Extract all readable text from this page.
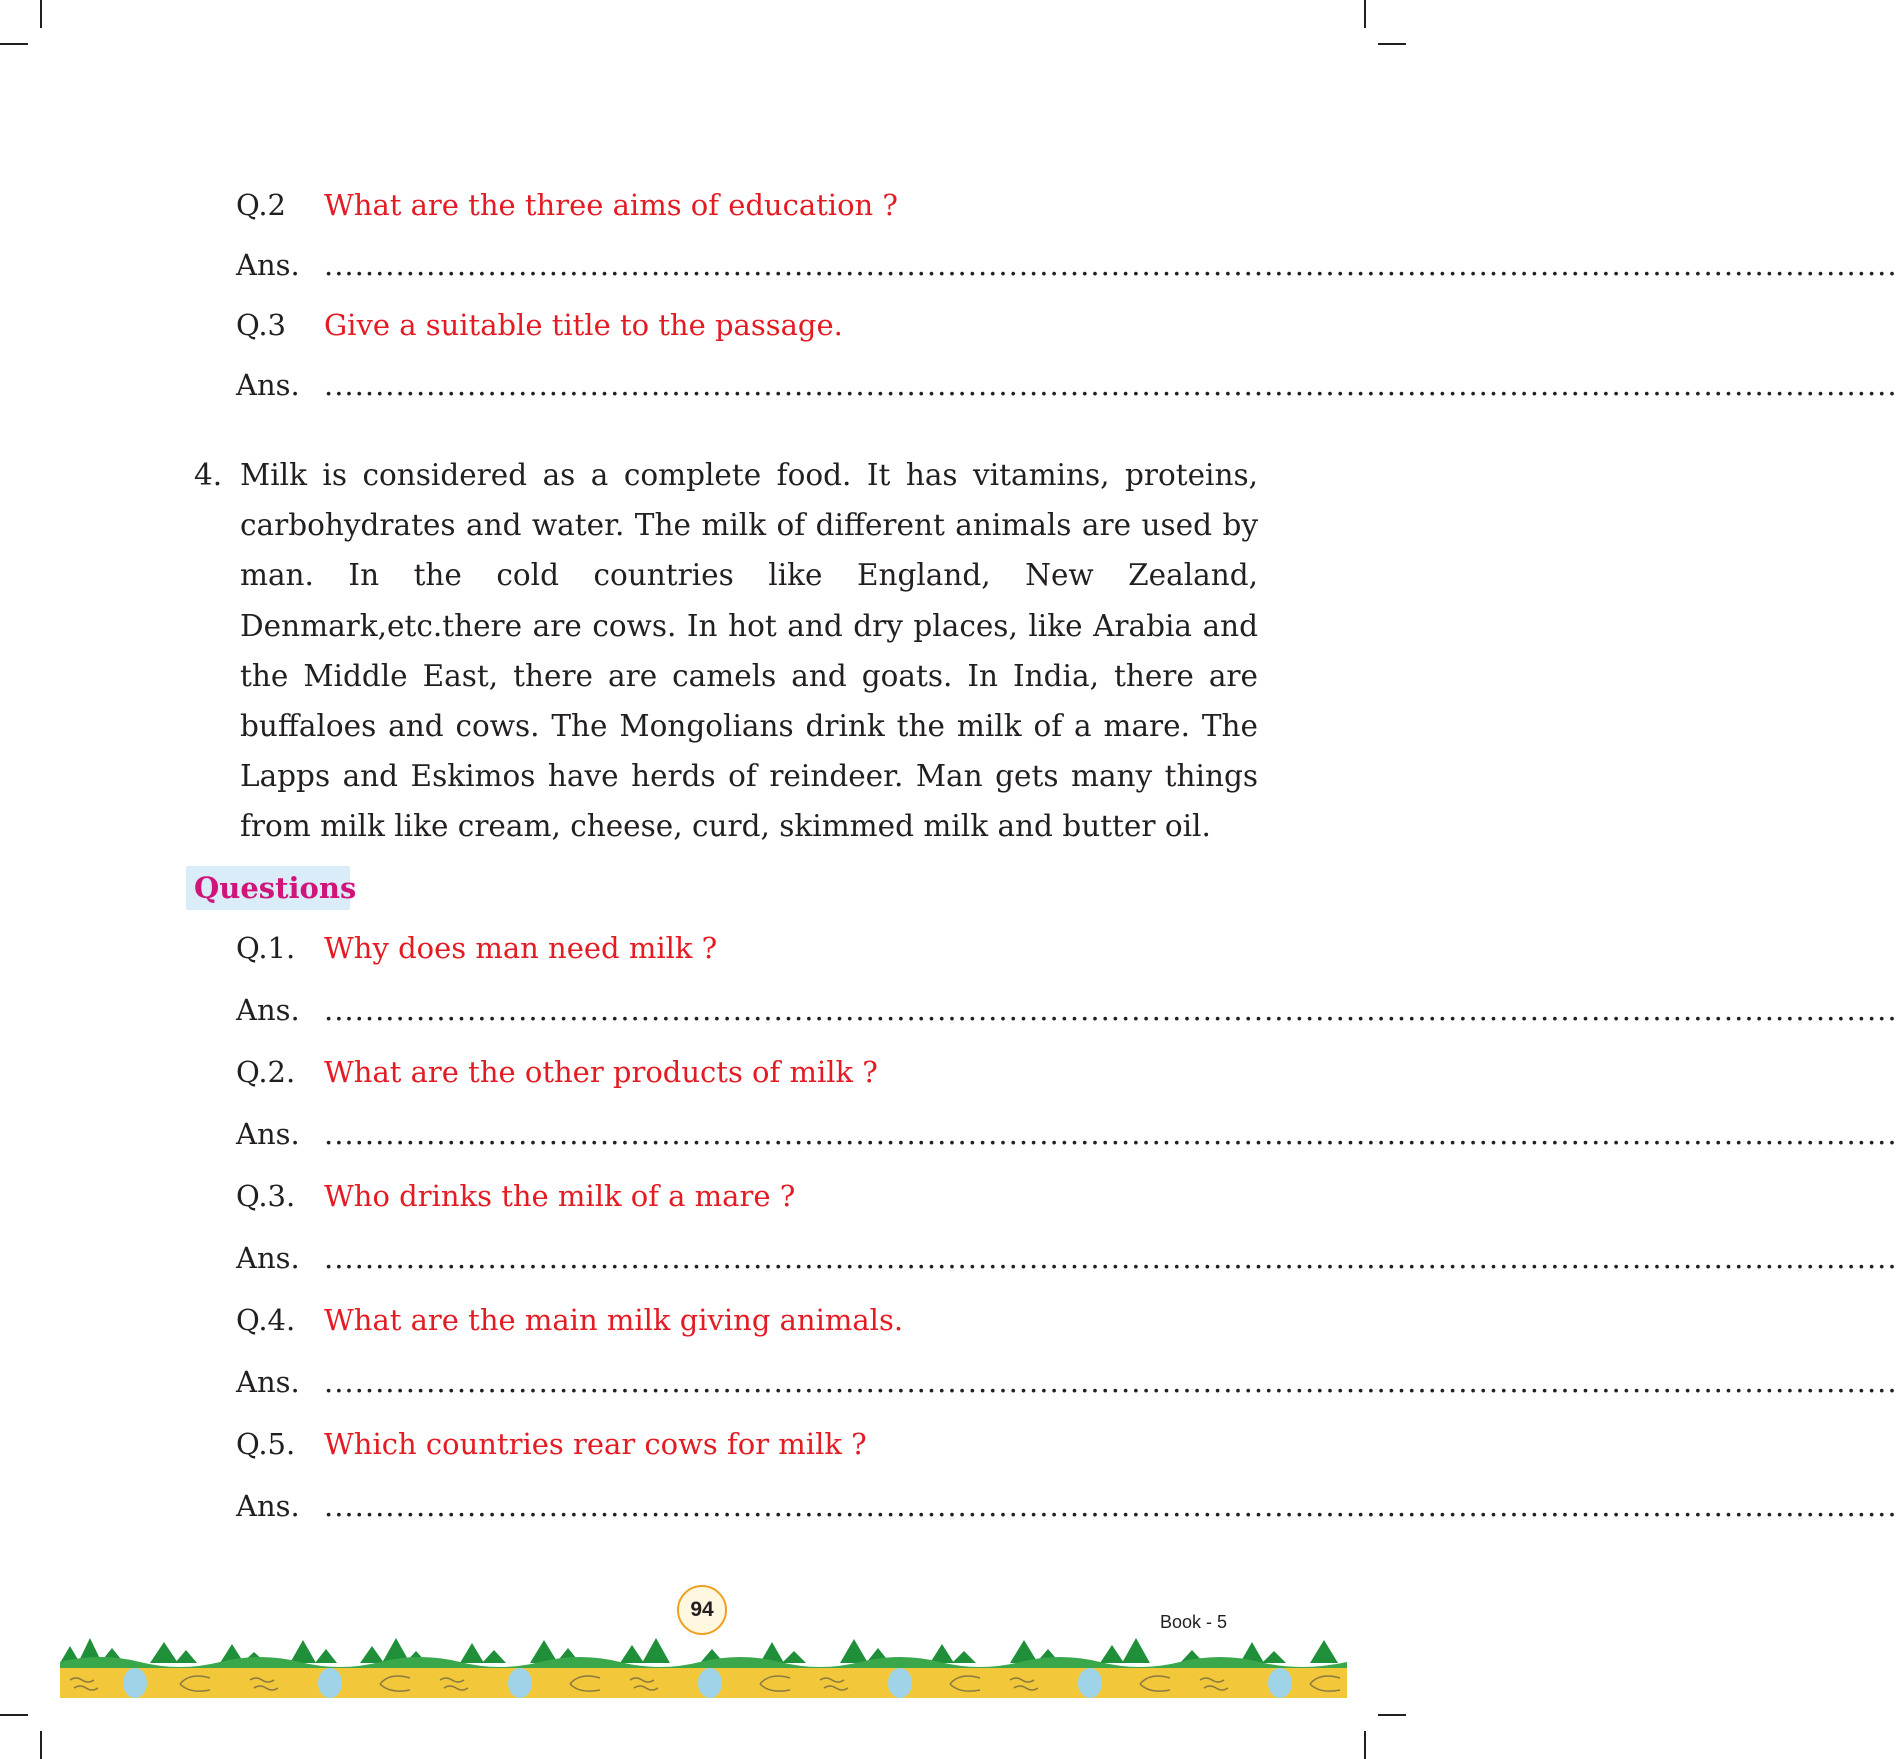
Q.2 What are the three aims of education ?
Ans. ..........................................................................................................................................................
Q.3 Give a suitable title to the passage.
Ans. ..........................................................................................................................................................
4. Milk is considered as a complete food. It has vitamins, proteins, carbohydrates and water. The milk of different animals are used by man. In the cold countries like England, New Zealand, Denmark,etc.there are cows. In hot and dry places, like Arabia and the Middle East, there are camels and goats. In India, there are buffaloes and cows. The Mongolians drink the milk of a mare. The Lapps and Eskimos have herds of reindeer. Man gets many things from milk like cream, cheese, curd, skimmed milk and butter oil.
Questions
Q.1. Why does man need milk ?
Ans. ..........................................................................................................................................................
Q.2. What are the other products of milk ?
Ans. ..........................................................................................................................................................
Q.3. Who drinks the milk of a mare ?
Ans. ..........................................................................................................................................................
Q.4. What are the main milk giving animals.
Ans. ..........................................................................................................................................................
Q.5. Which countries rear cows for milk ?
Ans. ..........................................................................................................................................................
94
Book - 5
